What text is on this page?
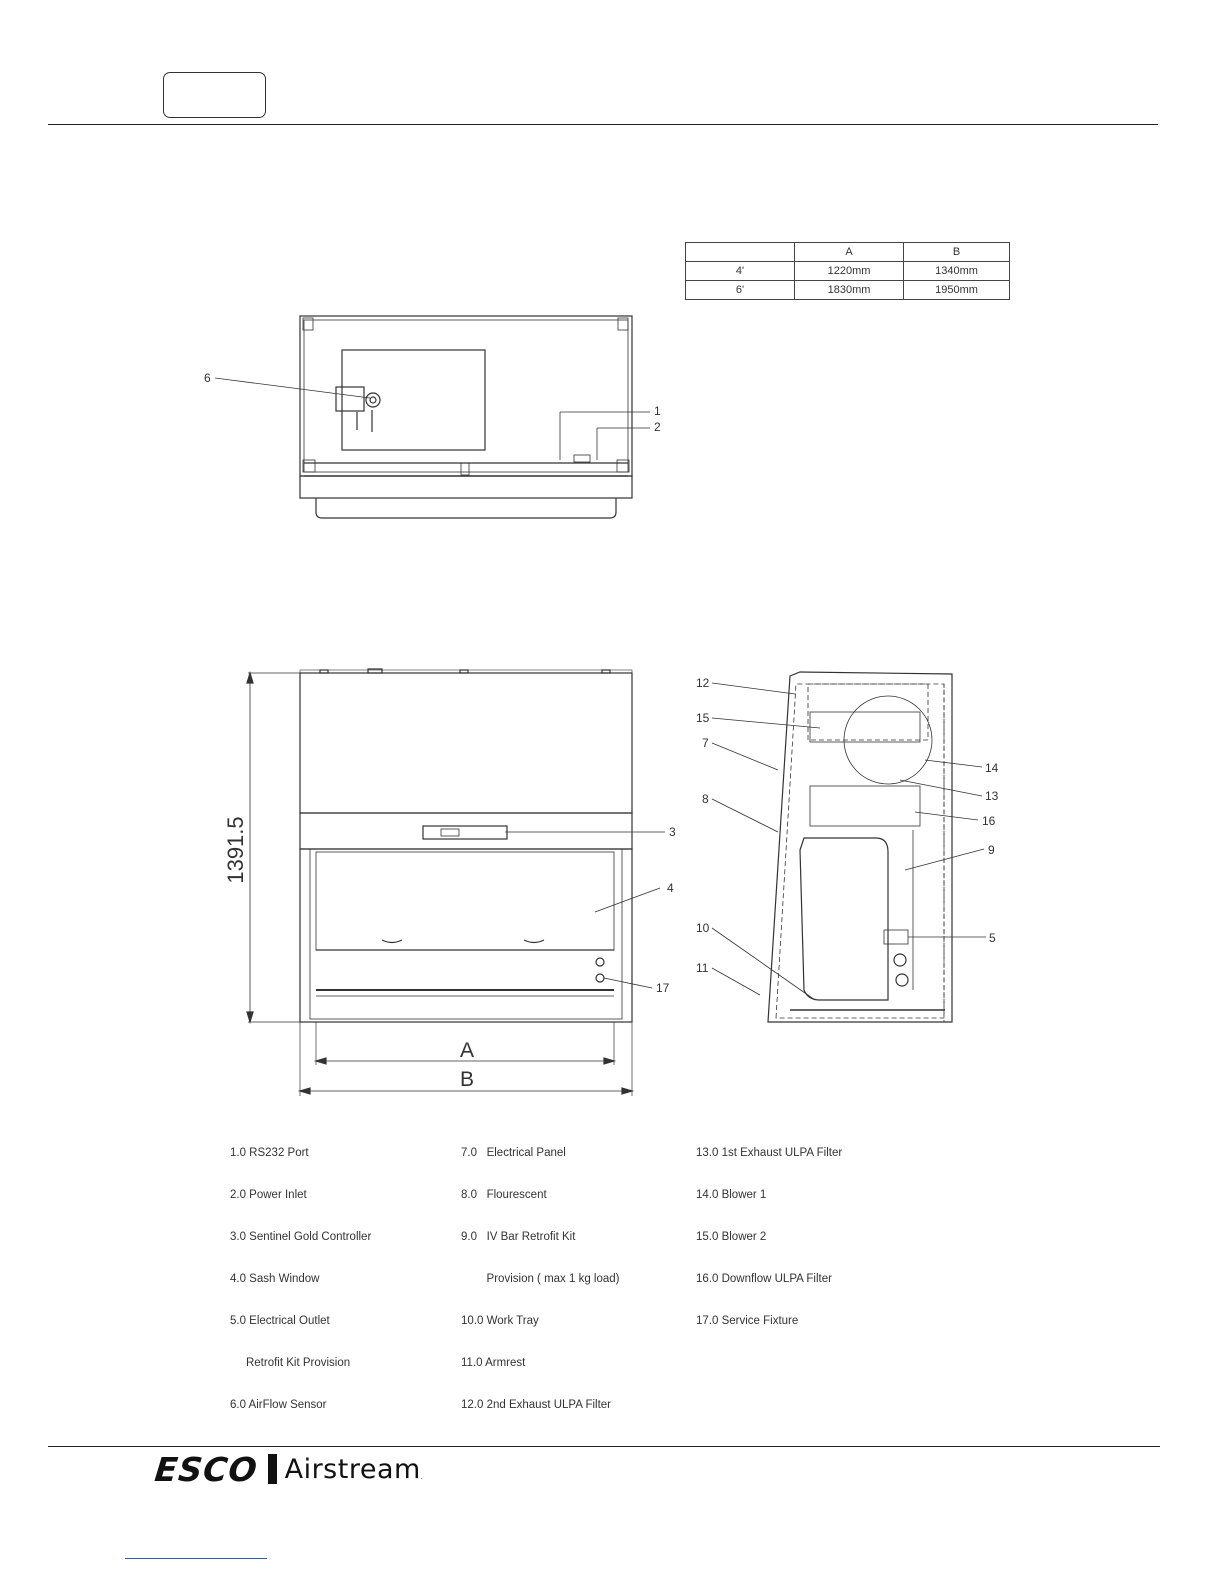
	A	B
4'	1220mm	1340mm
6'	1830mm	1950mm
6
1
2
1391.5
A
B
3
4
17
12
15
7
8
10
11
14
13
16
9
5

1.0 RS232 Port

2.0 Power Inlet

3.0 Sentinel Gold Controller

4.0 Sash Window

5.0 Electrical Outlet

Retrofit Kit Provision

6.0 AirFlow Sensor

7.0   Electrical Panel

8.0   Flourescent

9.0   IV Bar Retrofit Kit

Provision ( max 1 kg load)

10.0 Work Tray

11.0 Armrest

12.0 2nd Exhaust ULPA Filter

13.0 1st Exhaust ULPA Filter

14.0 Blower 1

15.0 Blower 2

16.0 Downflow ULPA Filter

17.0 Service Fixture

ESCO Airstream .
